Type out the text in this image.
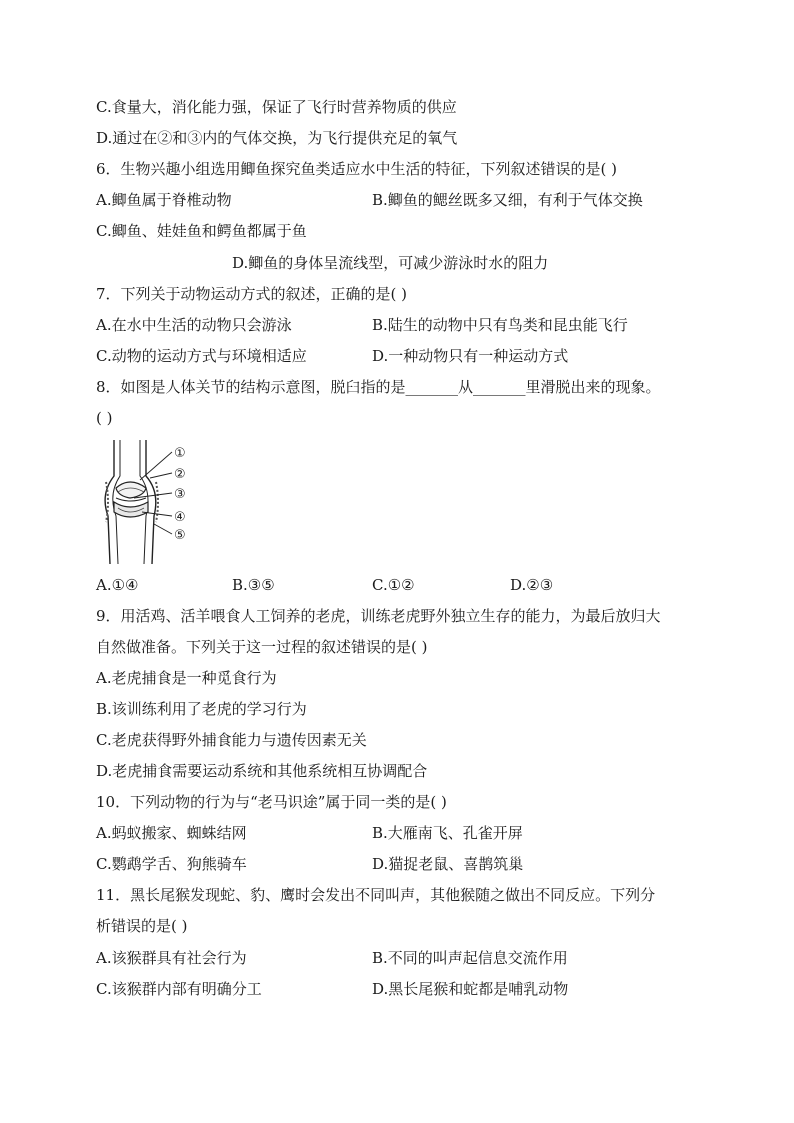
C.食量大，消化能力强，保证了飞行时营养物质的供应
D.通过在②和③内的气体交换，为飞行提供充足的氧气
6．生物兴趣小组选用鲫鱼探究鱼类适应水中生活的特征，下列叙述错误的是( )
A.鲫鱼属于脊椎动物	B.鲫鱼的鳃丝既多又细，有利于气体交换
C.鲫鱼、娃娃鱼和鳄鱼都属于鱼
D.鲫鱼的身体呈流线型，可减少游泳时水的阻力
7．下列关于动物运动方式的叙述，正确的是( )
A.在水中生活的动物只会游泳	B.陆生的动物中只有鸟类和昆虫能飞行
C.动物的运动方式与环境相适应	D.一种动物只有一种运动方式
8．如图是人体关节的结构示意图，脱臼指的是_______从_______里滑脱出来的现象。
( )
①
②
③
④
⑤
A.①④	B.③⑤	C.①②	D.②③
9．用活鸡、活羊喂食人工饲养的老虎，训练老虎野外独立生存的能力，为最后放归大
自然做准备。下列关于这一过程的叙述错误的是( )
A.老虎捕食是一种觅食行为
B.该训练利用了老虎的学习行为
C.老虎获得野外捕食能力与遗传因素无关
D.老虎捕食需要运动系统和其他系统相互协调配合
10．下列动物的行为与“老马识途”属于同一类的是( )
A.蚂蚁搬家、蜘蛛结网	B.大雁南飞、孔雀开屏
C.鹦鹉学舌、狗熊骑车	D.猫捉老鼠、喜鹊筑巢
11．黑长尾猴发现蛇、豹、鹰时会发出不同叫声，其他猴随之做出不同反应。下列分
析错误的是( )
A.该猴群具有社会行为	B.不同的叫声起信息交流作用
C.该猴群内部有明确分工	D.黑长尾猴和蛇都是哺乳动物
